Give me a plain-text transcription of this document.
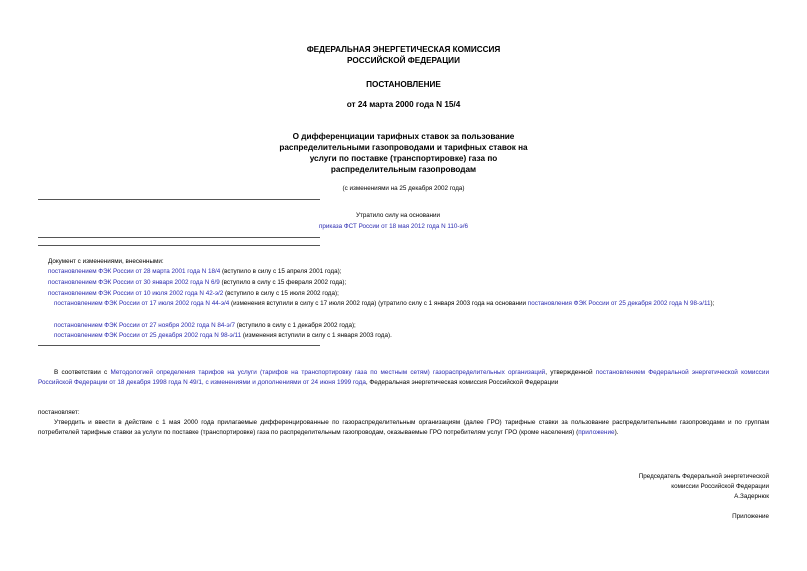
ФЕДЕРАЛЬНАЯ ЭНЕРГЕТИЧЕСКАЯ КОМИССИЯ
РОССИЙСКОЙ ФЕДЕРАЦИИ
ПОСТАНОВЛЕНИЕ
от 24 марта 2000 года N 15/4
О дифференциации тарифных ставок за пользование
распределительными газопроводами и тарифных ставок на
услуги по поставке (транспортировке) газа по
распределительным газопроводам
(с изменениями на 25 декабря 2002 года)
Утратило силу на основании
приказа ФСТ России от 18 мая 2012 года N 110-э/6
Документ с изменениями, внесенными:
постановлением ФЭК России от 28 марта 2001 года N 18/4 (вступило в силу с 15 апреля 2001 года);
постановлением ФЭК России от 30 января 2002 года N 6/9 (вступило в силу с 15 февраля 2002 года);
постановлением ФЭК России от 10 июля 2002 года N 42-э/2 (вступило в силу с 15 июля 2002 года);
постановлением ФЭК России от 17 июля 2002 года N 44-э/4 (изменения вступили в силу с 17 июля 2002 года) (утратило силу с 1 января 2003 года на основании постановления ФЭК России от 25 декабря 2002 года N 98-э/11);
постановлением ФЭК России от 27 ноября 2002 года N 84-э/7 (вступило в силу с 1 декабря 2002 года);
постановлением ФЭК России от 25 декабря 2002 года N 98-э/11 (изменения вступили в силу с 1 января 2003 года).
В соответствии с Методологией определения тарифов на услуги (тарифов на транспортировку газа по местным сетям) газораспределительных организаций, утвержденной постановлением Федеральной энергетической комиссии Российской Федерации от 18 декабря 1998 года N 49/1, с изменениями и дополнениями от 24 июня 1999 года, Федеральная энергетическая комиссия Российской Федерации
постановляет:
Утвердить и ввести в действие с 1 мая 2000 года прилагаемые дифференцированные по газораспределительным организациям (далее ГРО) тарифные ставки за пользование распределительными газопроводами и по группам потребителей тарифные ставки за услуги по поставке (транспортировке) газа по распределительным газопроводам, оказываемые ГРО потребителям услуг ГРО (кроме населения) (приложение).
Председатель Федеральной энергетической
комиссии Российской Федерации
А.Задернюк
Приложение
